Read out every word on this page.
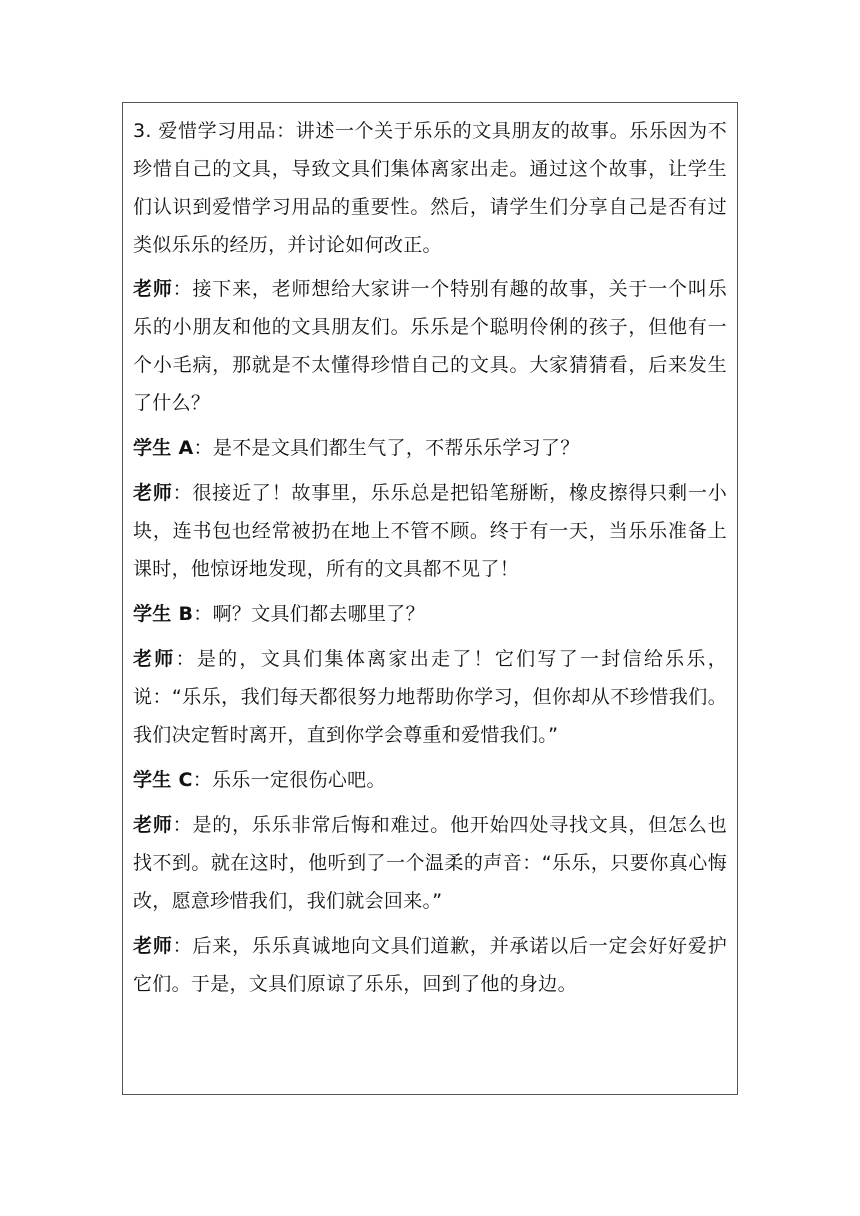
3. 爱惜学习用品：讲述一个关于乐乐的文具朋友的故事。乐乐因为不珍惜自己的文具，导致文具们集体离家出走。通过这个故事，让学生们认识到爱惜学习用品的重要性。然后，请学生们分享自己是否有过类似乐乐的经历，并讨论如何改正。

老师：接下来，老师想给大家讲一个特别有趣的故事，关于一个叫乐乐的小朋友和他的文具朋友们。乐乐是个聪明伶俐的孩子，但他有一个小毛病，那就是不太懂得珍惜自己的文具。大家猜猜看，后来发生了什么？

学生 A：是不是文具们都生气了，不帮乐乐学习了？

老师：很接近了！故事里，乐乐总是把铅笔掰断，橡皮擦得只剩一小块，连书包也经常被扔在地上不管不顾。终于有一天，当乐乐准备上课时，他惊讶地发现，所有的文具都不见了！

学生 B：啊？文具们都去哪里了？

老师：是的，文具们集体离家出走了！它们写了一封信给乐乐，说：“乐乐，我们每天都很努力地帮助你学习，但你却从不珍惜我们。我们决定暂时离开，直到你学会尊重和爱惜我们。”

学生 C：乐乐一定很伤心吧。

老师：是的，乐乐非常后悔和难过。他开始四处寻找文具，但怎么也找不到。就在这时，他听到了一个温柔的声音：“乐乐，只要你真心悔改，愿意珍惜我们，我们就会回来。”

老师：后来，乐乐真诚地向文具们道歉，并承诺以后一定会好好爱护它们。于是，文具们原谅了乐乐，回到了他的身边。
